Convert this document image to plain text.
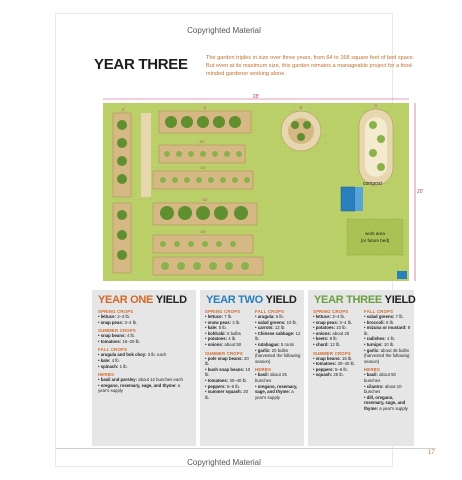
Copyrighted Material
YEAR THREE	The garden triples in size over three years, from 64 to 168 square feet of bed space. But even at its maximum size, this garden remains a manageable project for a food-minded gardener working alone.
28'
20'
compost
work area
(or future bed)
3'	8'
10'
10'
10'
10'
8'	3'
YEAR ONE YIELD
SPRING CROPS
• lettuce: 2–3 lb.
• snap peas: 3–4 lb.
SUMMER CROPS
• snap beans: 4 lb.
• tomatoes: 16–20 lb.
FALL CROPS
• arugula and bok choy: 3 lb. each
• kale: 4 lb.
• spinach: 1 lb.
HERBS
• basil and parsley: about 12 bunches each
• oregano, rosemary, sage, and thyme: a year's supply
YEAR TWO YIELD
SPRING CROPS
• lettuce: 7 lb.
• snow peas: 3 lb.
• kale: 5 lb.
• kohlrabi: 6 bulbs
• potatoes: 4 lb.
• onions: about 50
SUMMER CROPS
• pole snap beans: 20 lb.
• bush snap beans: 10 lb.
• tomatoes: 30–40 lb.
• peppers: 5–6 lb.
• summer squash: 20 lb.
FALL CROPS
• arugula: 6 lb.
• salad greens: 10 lb.
• carrots: 12 lb.
• Chinese cabbage: 12 lb.
• rutabagas: 5 roots
• garlic: 20 bulbs (harvested the following season)
HERBS
• basil: about 25 bunches
• oregano, rosemary, sage, and thyme: a year's supply
YEAR THREE YIELD
SPRING CROPS
• lettuce: 3–4 lb.
• snap peas: 3–4 lb.
• potatoes: 10 lb.
• onions: about 25
• beets: 8 lb.
• chard: 12 lb.
SUMMER CROPS
• snap beans: 15 lb.
• tomatoes: 30–40 lb.
• peppers: 5–6 lb.
• squash: 25 lb.
FALL CROPS
• salad greens: 7 lb.
• broccoli: 6 lb.
• mizuna or mustard: 8 lb.
• radishes: 4 lb.
• turnips: 10 lb.
• garlic: about 45 bulbs (harvested the following season)
HERBS
• basil: about 50 bunches
• cilantro: about 10 bunches
• dill, oregano, rosemary, sage, and thyme: a year's supply
Copyrighted Material
17
